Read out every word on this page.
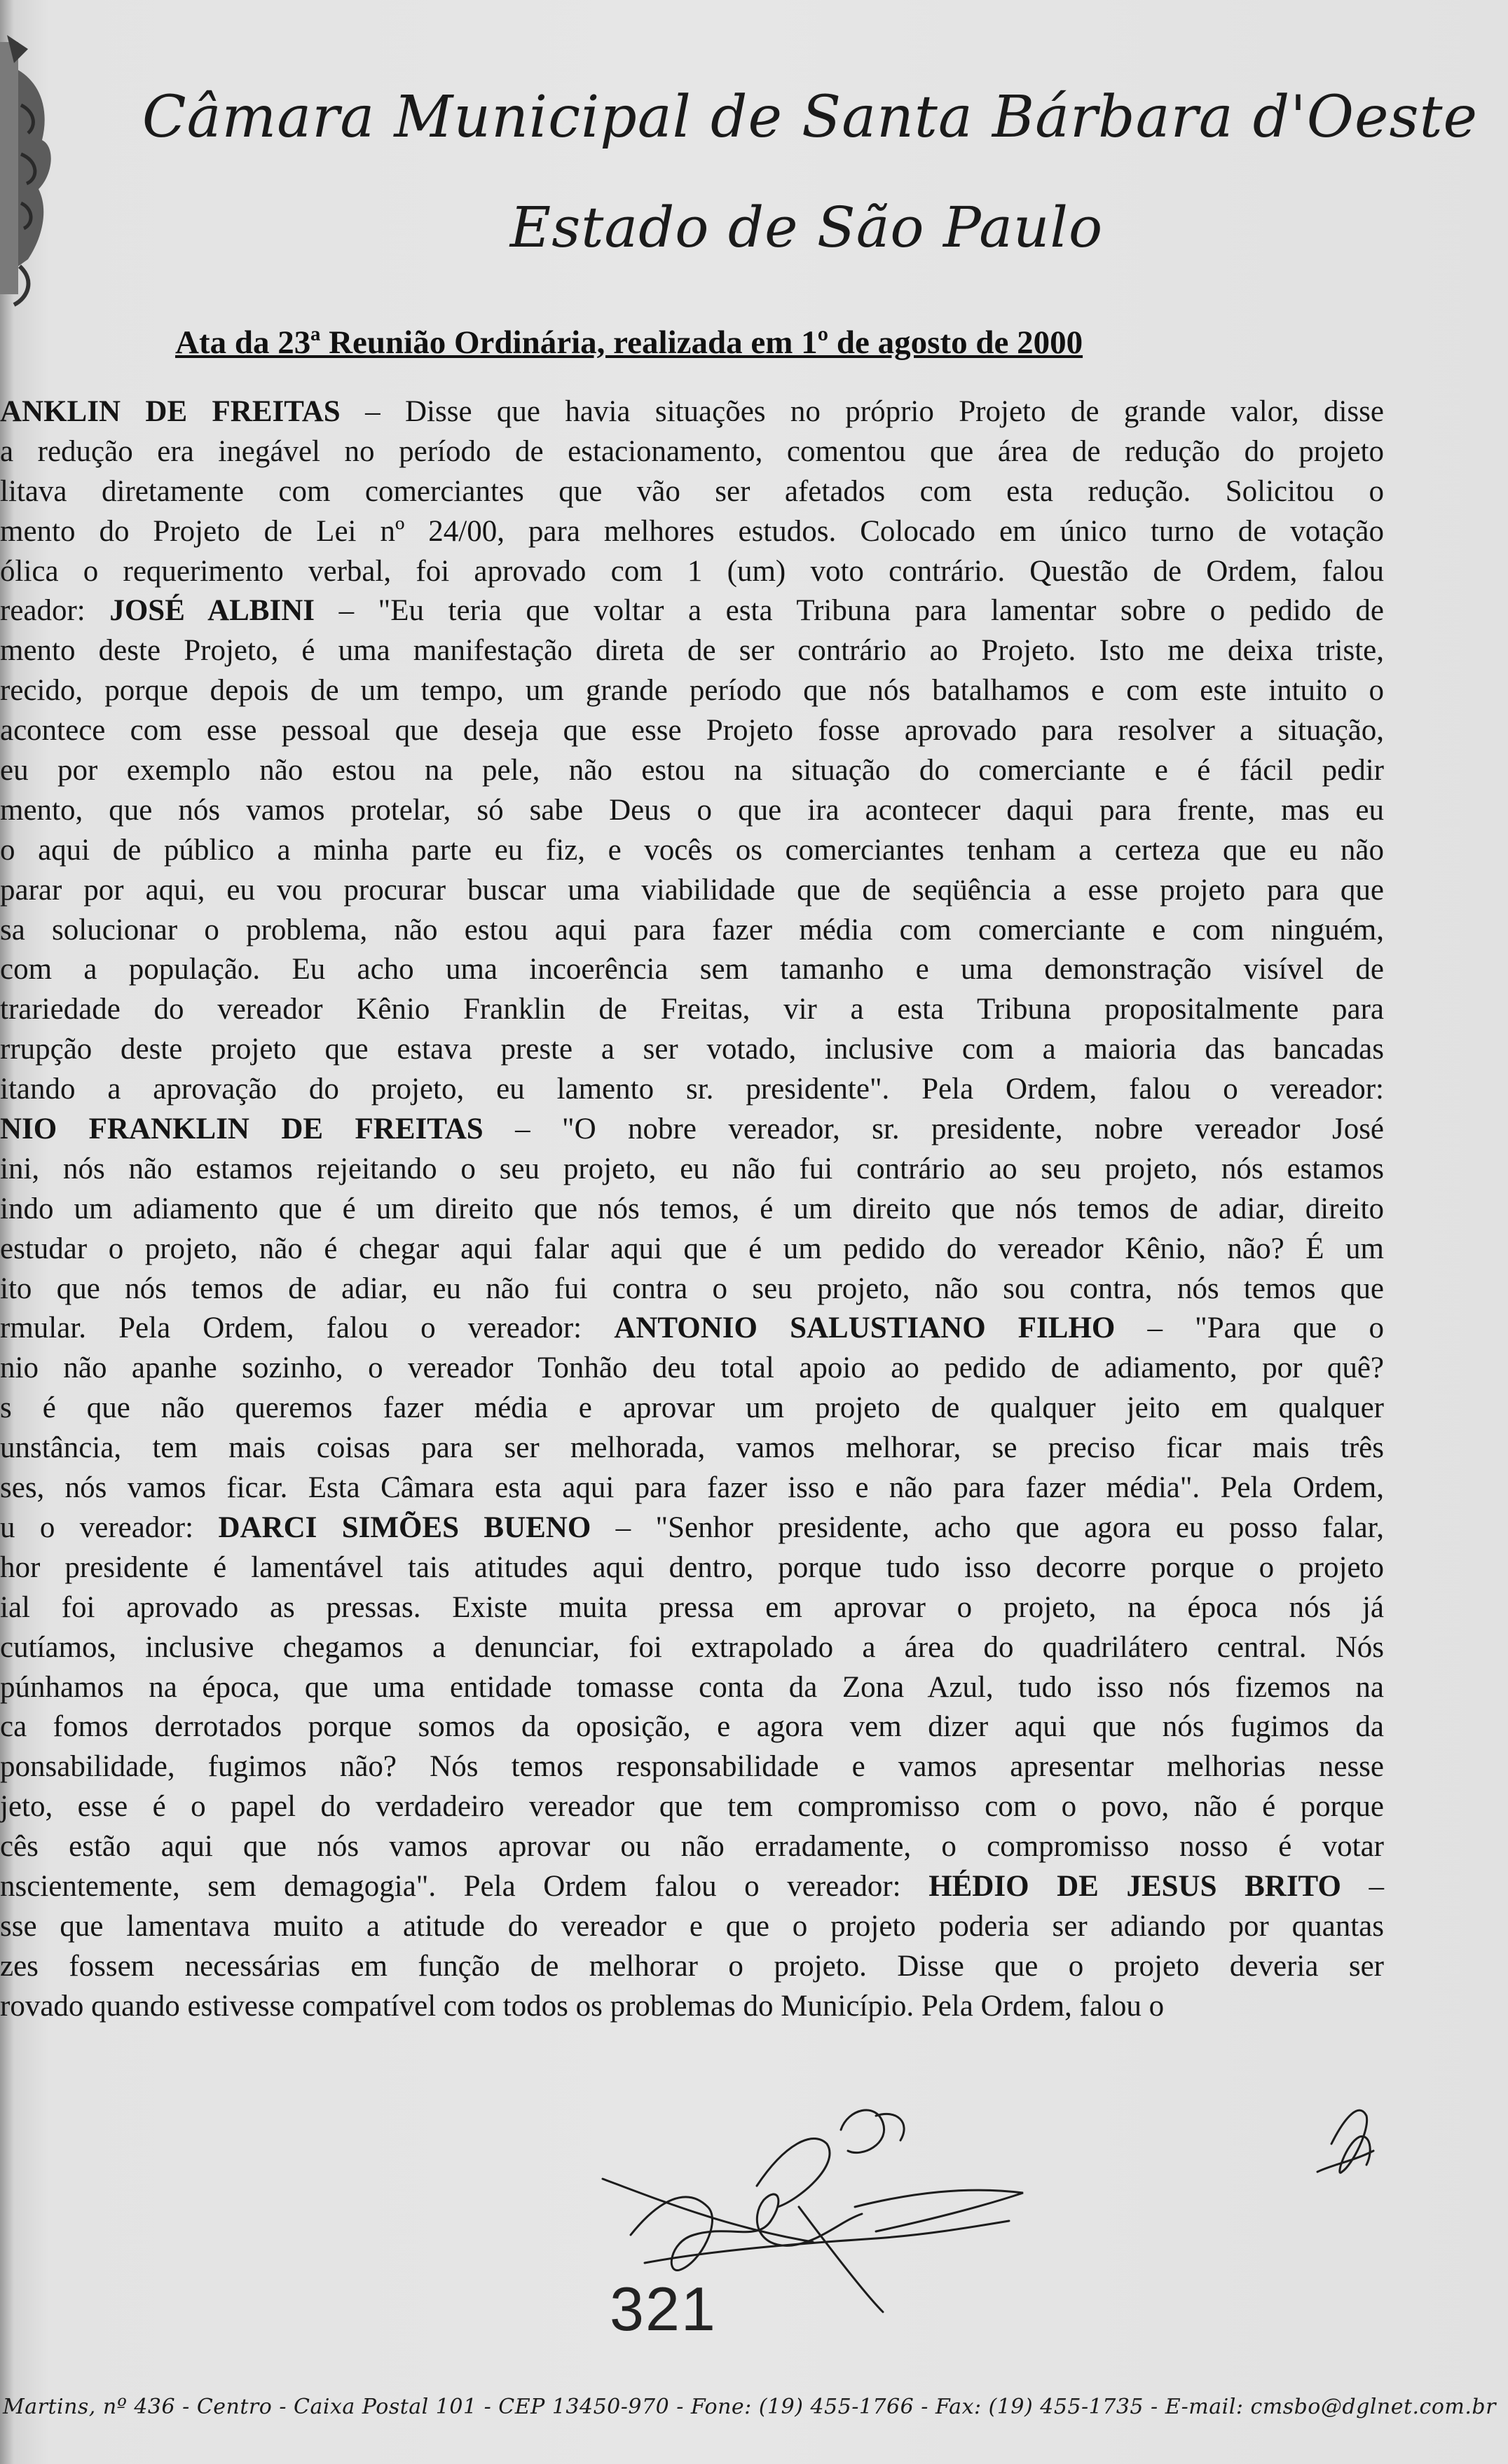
Câmara Municipal de Santa Bárbara d'Oeste
Estado de São Paulo
Ata da 23ª Reunião Ordinária, realizada em 1º de agosto de 2000
ANKLIN DE FREITAS – Disse que havia situações no próprio Projeto de grande valor, disse
a redução era inegável no período de estacionamento, comentou que área de redução do projeto
litava diretamente com comerciantes que vão ser afetados com esta redução. Solicitou o
mento do Projeto de Lei nº 24/00, para melhores estudos. Colocado em único turno de votação
ólica o requerimento verbal, foi aprovado com 1 (um) voto contrário. Questão de Ordem, falou
reador: JOSÉ ALBINI – "Eu teria que voltar a esta Tribuna para lamentar sobre o pedido de
mento deste Projeto, é uma manifestação direta de ser contrário ao Projeto. Isto me deixa triste,
recido, porque depois de um tempo, um grande período que nós batalhamos e com este intuito o
acontece com esse pessoal que deseja que esse Projeto fosse aprovado para resolver a situação,
eu por exemplo não estou na pele, não estou na situação do comerciante e é fácil pedir
mento, que nós vamos protelar, só sabe Deus o que ira acontecer daqui para frente, mas eu
o aqui de público a minha parte eu fiz, e vocês os comerciantes tenham a certeza que eu não
parar por aqui, eu vou procurar buscar uma viabilidade que de seqüência a esse projeto para que
sa solucionar o problema, não estou aqui para fazer média com comerciante e com ninguém,
com a população. Eu acho uma incoerência sem tamanho e uma demonstração visível de
trariedade do vereador Kênio Franklin de Freitas, vir a esta Tribuna propositalmente para
rrupção deste projeto que estava preste a ser votado, inclusive com a maioria das bancadas
itando a aprovação do projeto, eu lamento sr. presidente". Pela Ordem, falou o vereador:
NIO FRANKLIN DE FREITAS – "O nobre vereador, sr. presidente, nobre vereador José
ini, nós não estamos rejeitando o seu projeto, eu não fui contrário ao seu projeto, nós estamos
indo um adiamento que é um direito que nós temos, é um direito que nós temos de adiar, direito
estudar o projeto, não é chegar aqui falar aqui que é um pedido do vereador Kênio, não? É um
ito que nós temos de adiar, eu não fui contra o seu projeto, não sou contra, nós temos que
rmular. Pela Ordem, falou o vereador: ANTONIO SALUSTIANO FILHO – "Para que o
nio não apanhe sozinho, o vereador Tonhão deu total apoio ao pedido de adiamento, por quê?
s é que não queremos fazer média e aprovar um projeto de qualquer jeito em qualquer
unstância, tem mais coisas para ser melhorada, vamos melhorar, se preciso ficar mais três
ses, nós vamos ficar. Esta Câmara esta aqui para fazer isso e não para fazer média". Pela Ordem,
u o vereador: DARCI SIMÕES BUENO – "Senhor presidente, acho que agora eu posso falar,
hor presidente é lamentável tais atitudes aqui dentro, porque tudo isso decorre porque o projeto
ial foi aprovado as pressas. Existe muita pressa em aprovar o projeto, na época nós já
cutíamos, inclusive chegamos a denunciar, foi extrapolado a área do quadrilátero central. Nós
púnhamos na época, que uma entidade tomasse conta da Zona Azul, tudo isso nós fizemos na
ca fomos derrotados porque somos da oposição, e agora vem dizer aqui que nós fugimos da
ponsabilidade, fugimos não? Nós temos responsabilidade e vamos apresentar melhorias nesse
jeto, esse é o papel do verdadeiro vereador que tem compromisso com o povo, não é porque
cês estão aqui que nós vamos aprovar ou não erradamente, o compromisso nosso é votar
nscientemente, sem demagogia". Pela Ordem falou o vereador: HÉDIO DE JESUS BRITO –
sse que lamentava muito a atitude do vereador e que o projeto poderia ser adiando por quantas
zes fossem necessárias em função de melhorar o projeto. Disse que o projeto deveria ser
rovado quando estivesse compatível com todos os problemas do Município. Pela Ordem, falou o
321
Martins, nº 436 - Centro - Caixa Postal 101 - CEP 13450-970 - Fone: (19) 455-1766 - Fax: (19) 455-1735 - E-mail: cmsbo@dglnet.com.br
